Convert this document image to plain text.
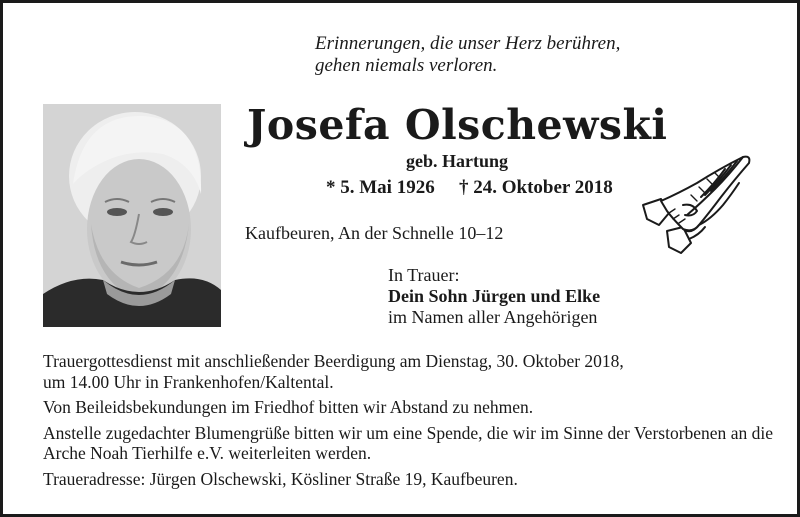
Erinnerungen, die unser Herz berühren,
gehen niemals verloren.
Josefa Olschewski
geb. Hartung
* 5. Mai 1926 † 24. Oktober 2018
Kaufbeuren, An der Schnelle 10–12
In Trauer:
Dein Sohn Jürgen und Elke
im Namen aller Angehörigen

Trauergottesdienst mit anschließender Beerdigung am Dienstag, 30. Oktober 2018,
um 14.00 Uhr in Frankenhofen/Kaltental.

Von Beileidsbekundungen im Friedhof bitten wir Abstand zu nehmen.

Anstelle zugedachter Blumengrüße bitten wir um eine Spende, die wir im Sinne der Verstorbenen an die Arche Noah Tierhilfe e.V. weiterleiten werden.

Traueradresse: Jürgen Olschewski, Kösliner Straße 19, Kaufbeuren.
